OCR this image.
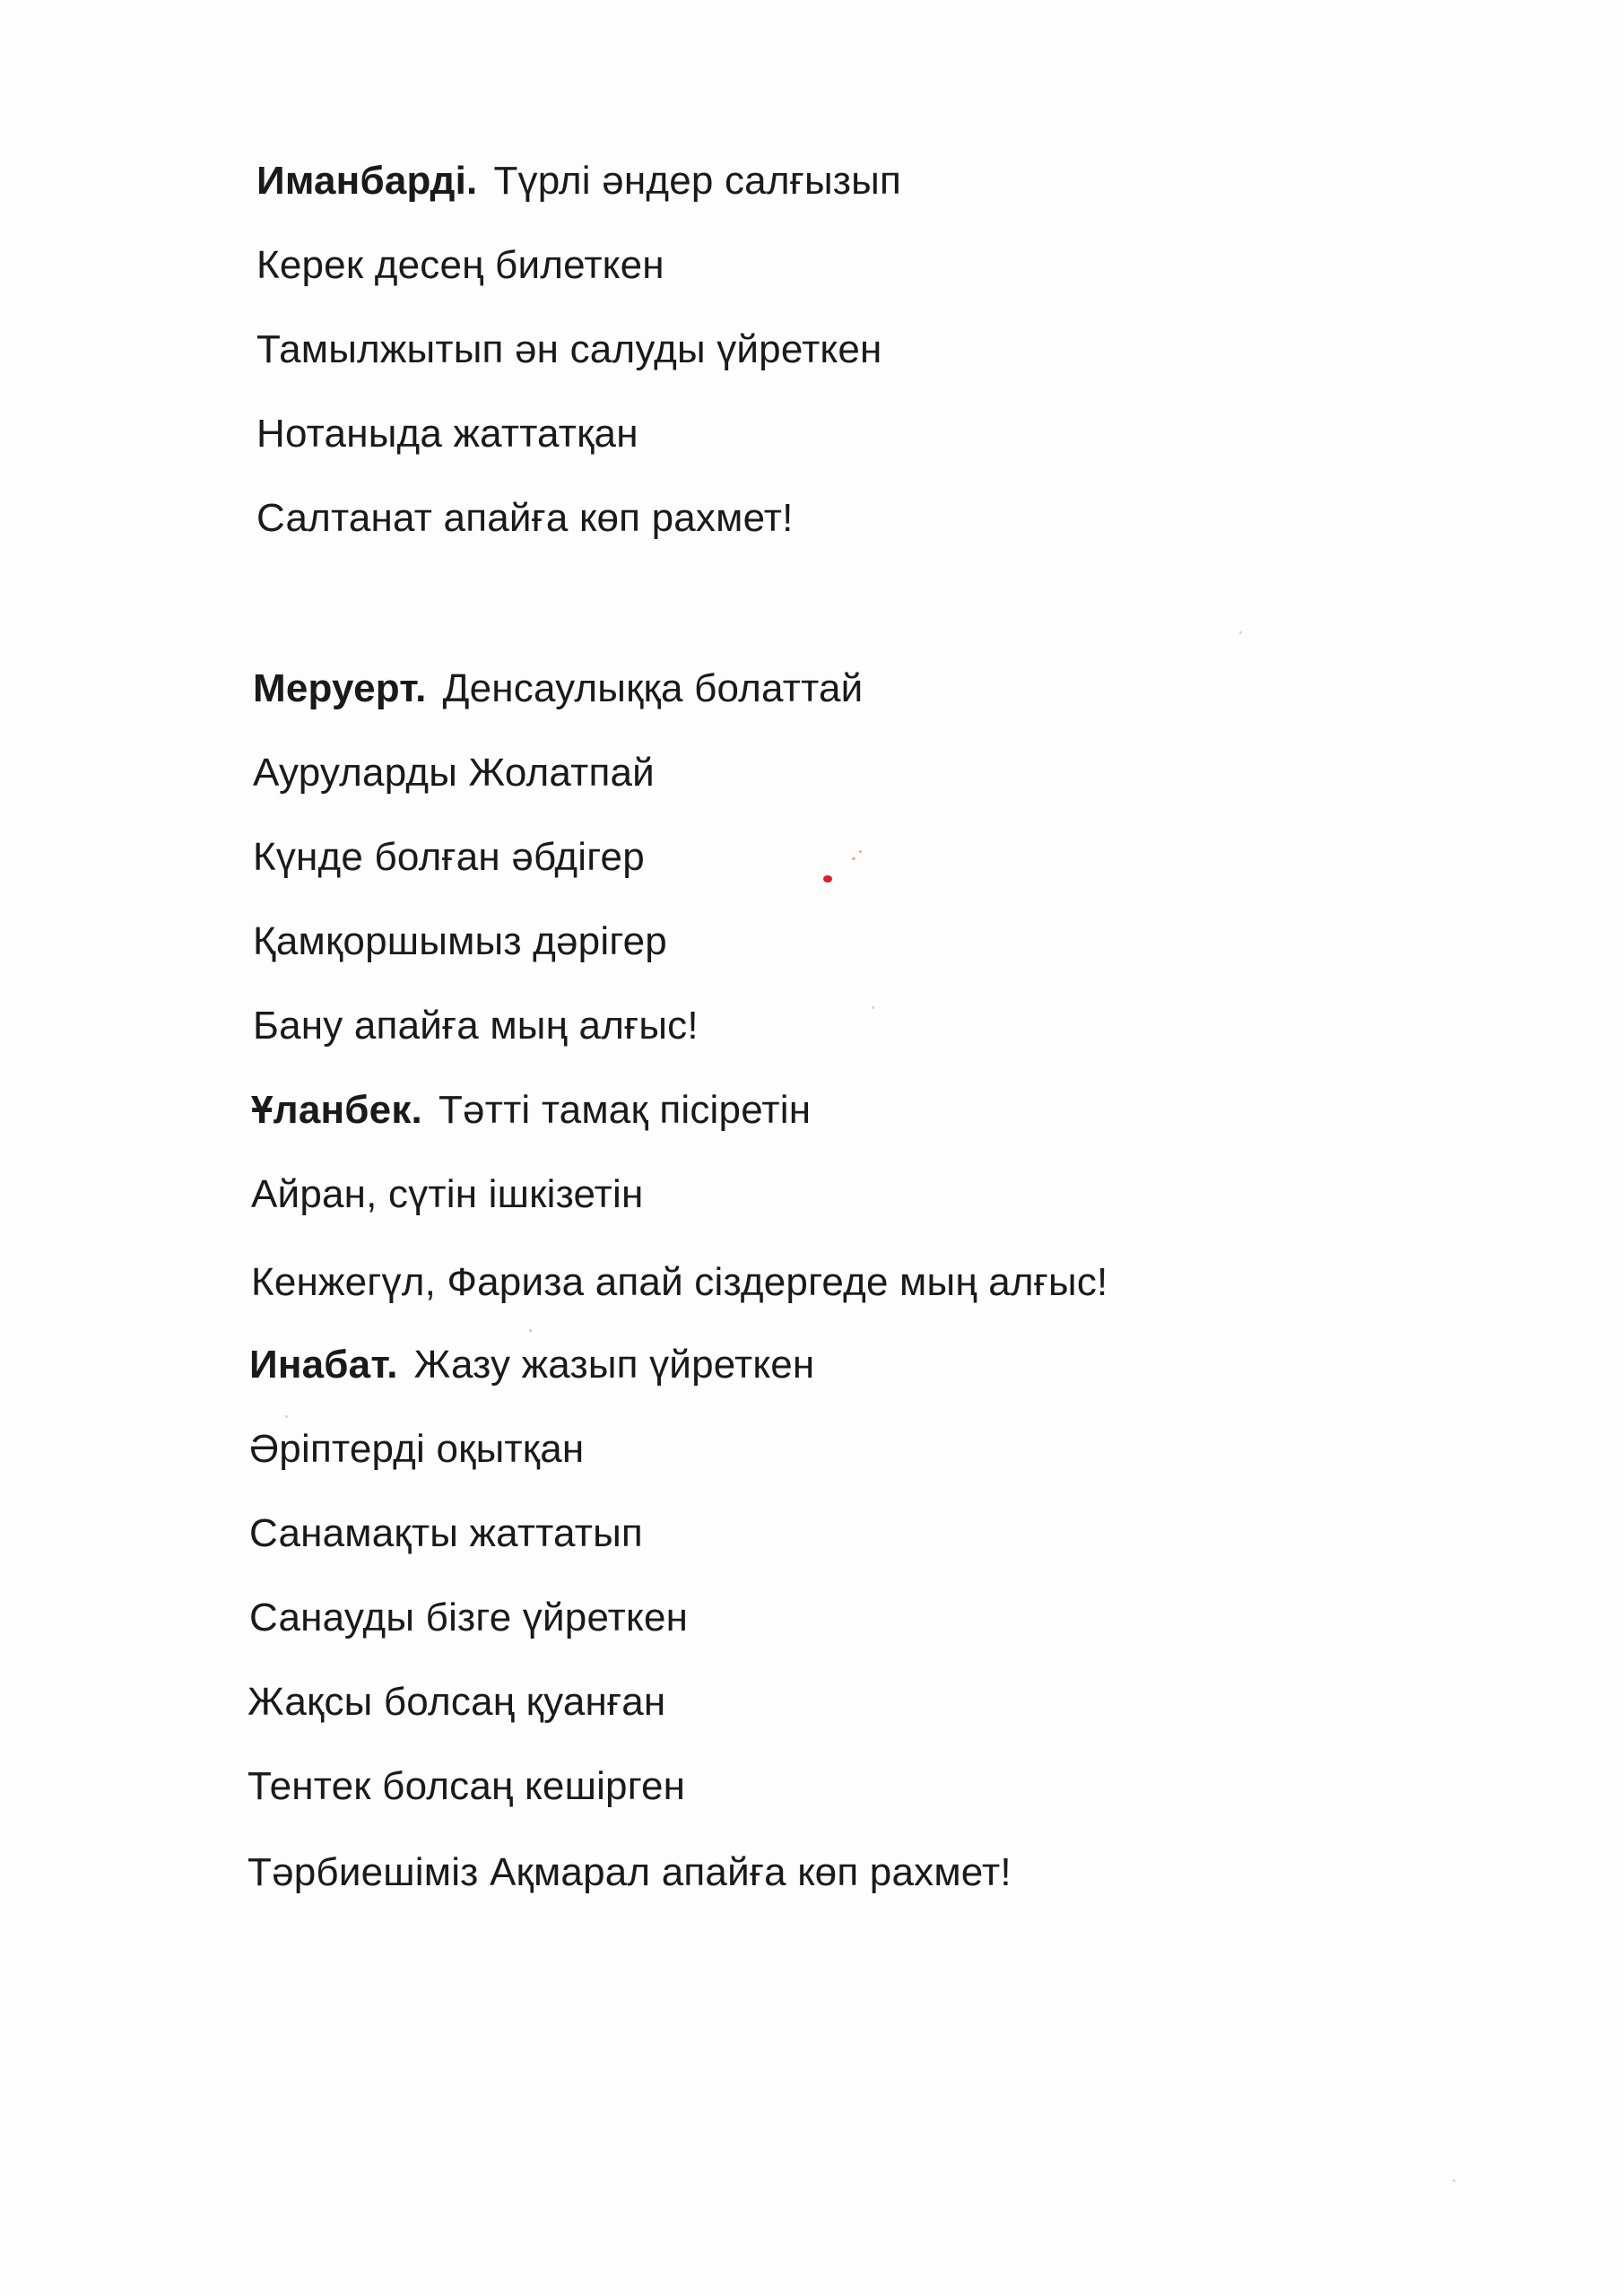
Иманбарді. Түрлі әндер салғызып
Керек десең билеткен
Тамылжытып ән салуды үйреткен
Нотаныда жаттатқан
Салтанат апайға көп рахмет!
Меруерт. Денсаулыққа болаттай
Ауруларды Жолатпай
Күнде болған әбдігер
Қамқоршымыз дәрігер
Бану апайға мың алғыс!
Ұланбек. Тәтті тамақ пісіретін
Айран, сүтін ішкізетін
Кенжегүл, Фариза апай сіздергеде мың алғыс!
Инабат. Жазу жазып үйреткен
Әріптерді оқытқан
Санамақты жаттатып
Санауды бізге үйреткен
Жақсы болсаң қуанған
Тентек болсаң кешірген
Тәрбиешіміз Ақмарал апайға көп рахмет!
